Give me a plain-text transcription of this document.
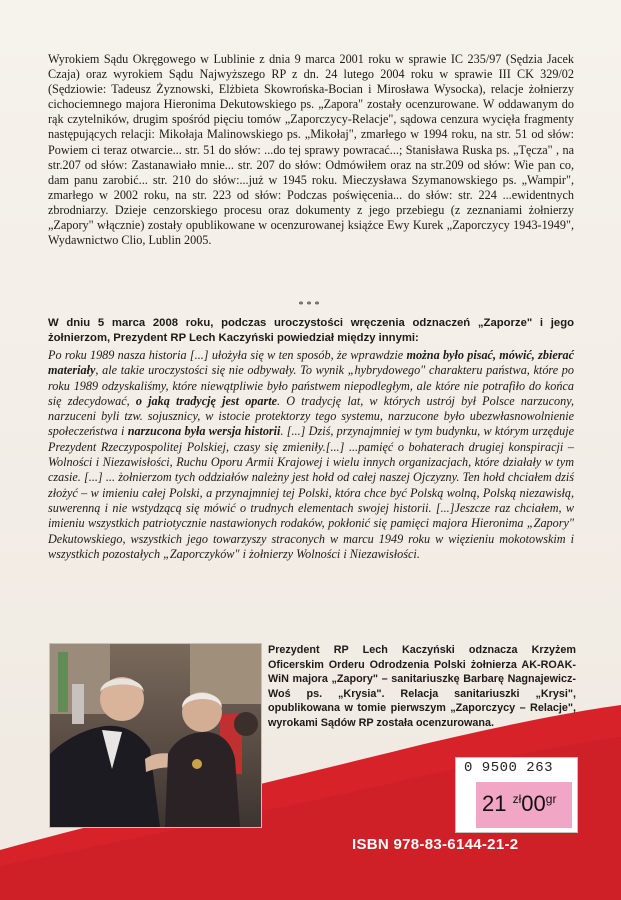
Wyrokiem Sądu Okręgowego w Lublinie z dnia 9 marca 2001 roku w sprawie IC 235/97 (Sędzia Jacek Czaja) oraz wyrokiem Sądu Najwyższego RP z dn. 24 lutego 2004 roku w sprawie III CK 329/02 (Sędziowie: Tadeusz Żyznowski, Elżbieta Skowrońska-Bocian i Mirosława Wysocka), relacje żołnierzy cichociemnego majora Hieronima Dekutowskiego ps. „Zapora" zostały ocenzurowane. W oddawanym do rąk czytelników, drugim spośród pięciu tomów „Zaporczycy-Relacje", sądowa cenzura wycięła fragmenty następujących relacji: Mikołaja Malinowskiego ps. „Mikołaj", zmarłego w 1994 roku, na str. 51 od słów: Powiem ci teraz otwarcie... str. 51 do słów: ...do tej sprawy powracać...; Stanisława Ruska ps. „Tęcza" , na str.207 od słów: Zastanawiało mnie... str. 207 do słów: Odmówiłem oraz na str.209 od słów: Wie pan co, dam panu zarobić... str. 210 do słów:...już w 1945 roku. Mieczysława Szymanowskiego ps. „Wampir", zmarłego w 2002 roku, na str. 223 od słów: Podczas poświęcenia... do słów: str. 224 ...ewidentnych zbrodniarzy. Dzieje cenzorskiego procesu oraz dokumenty z jego przebiegu (z zeznaniami żołnierzy „Zapory" włącznie) zostały opublikowane w ocenzurowanej książce Ewy Kurek „Zaporczycy 1943-1949", Wydawnictwo Clio, Lublin 2005.
***
W dniu 5 marca 2008 roku, podczas uroczystości wręczenia odznaczeń „Zaporze" i jego żołnierzom, Prezydent RP Lech Kaczyński powiedział między innymi:
Po roku 1989 nasza historia [...] ułożyła się w ten sposób, że wprawdzie można było pisać, mówić, zbierać materiały, ale takie uroczystości się nie odbywały. To wynik „hybrydowego" charakteru państwa, które po roku 1989 odzyskaliśmy, które niewątpliwie było państwem niepodległym, ale które nie potrafiło do końca się zdecydować, o jaką tradycję jest oparte. O tradycję lat, w których ustrój był Polsce narzucony, narzuceni byli tzw. sojusznicy, w istocie protektorzy tego systemu, narzucone było ubezwłasnowolnienie społeczeństwa i narzucona była wersja historii. [...] Dziś, przynajmniej w tym budynku, w którym urzęduje Prezydent Rzeczypospolitej Polskiej, czasy się zmieniły.[...] ...pamięć o bohaterach drugiej konspiracji – Wolności i Niezawisłości, Ruchu Oporu Armii Krajowej i wielu innych organizacjach, które działały w tym czasie. [...] ... żołnierzom tych oddziałów należny jest hołd od całej naszej Ojczyzny. Ten hołd chciałem dziś złożyć – w imieniu całej Polski, a przynajmniej tej Polski, która chce być Polską wolną, Polską niezawisłą, suwerenną i nie wstydzącą się mówić o trudnych elementach swojej historii. [...]Jeszcze raz chciałem, w imieniu wszystkich patriotycznie nastawionych rodaków, pokłonić się pamięci majora Hieronima „Zapory" Dekutowskiego, wszystkich jego towarzyszy straconych w marcu 1949 roku w więzieniu mokotowskim i wszystkich pozostałych „Zaporczyków" i żołnierzy Wolności i Niezawisłości.
Prezydent RP Lech Kaczyński odznacza Krzyżem Oficerskim Orderu Odrodzenia Polski żołnierza AK-ROAK-WiN majora „Zapory" – sanitariuszkę Barbarę Nagnajewicz-Woś ps. „Krysia". Relacja sanitariuszki „Krysi", opublikowana w tomie pierwszym „Zaporczycy – Relacje", wyrokami Sądów RP została ocenzurowana.
0 9500 263
21 $^{zł}00^{gr}$
ISBN 978-83-6144-21-2
